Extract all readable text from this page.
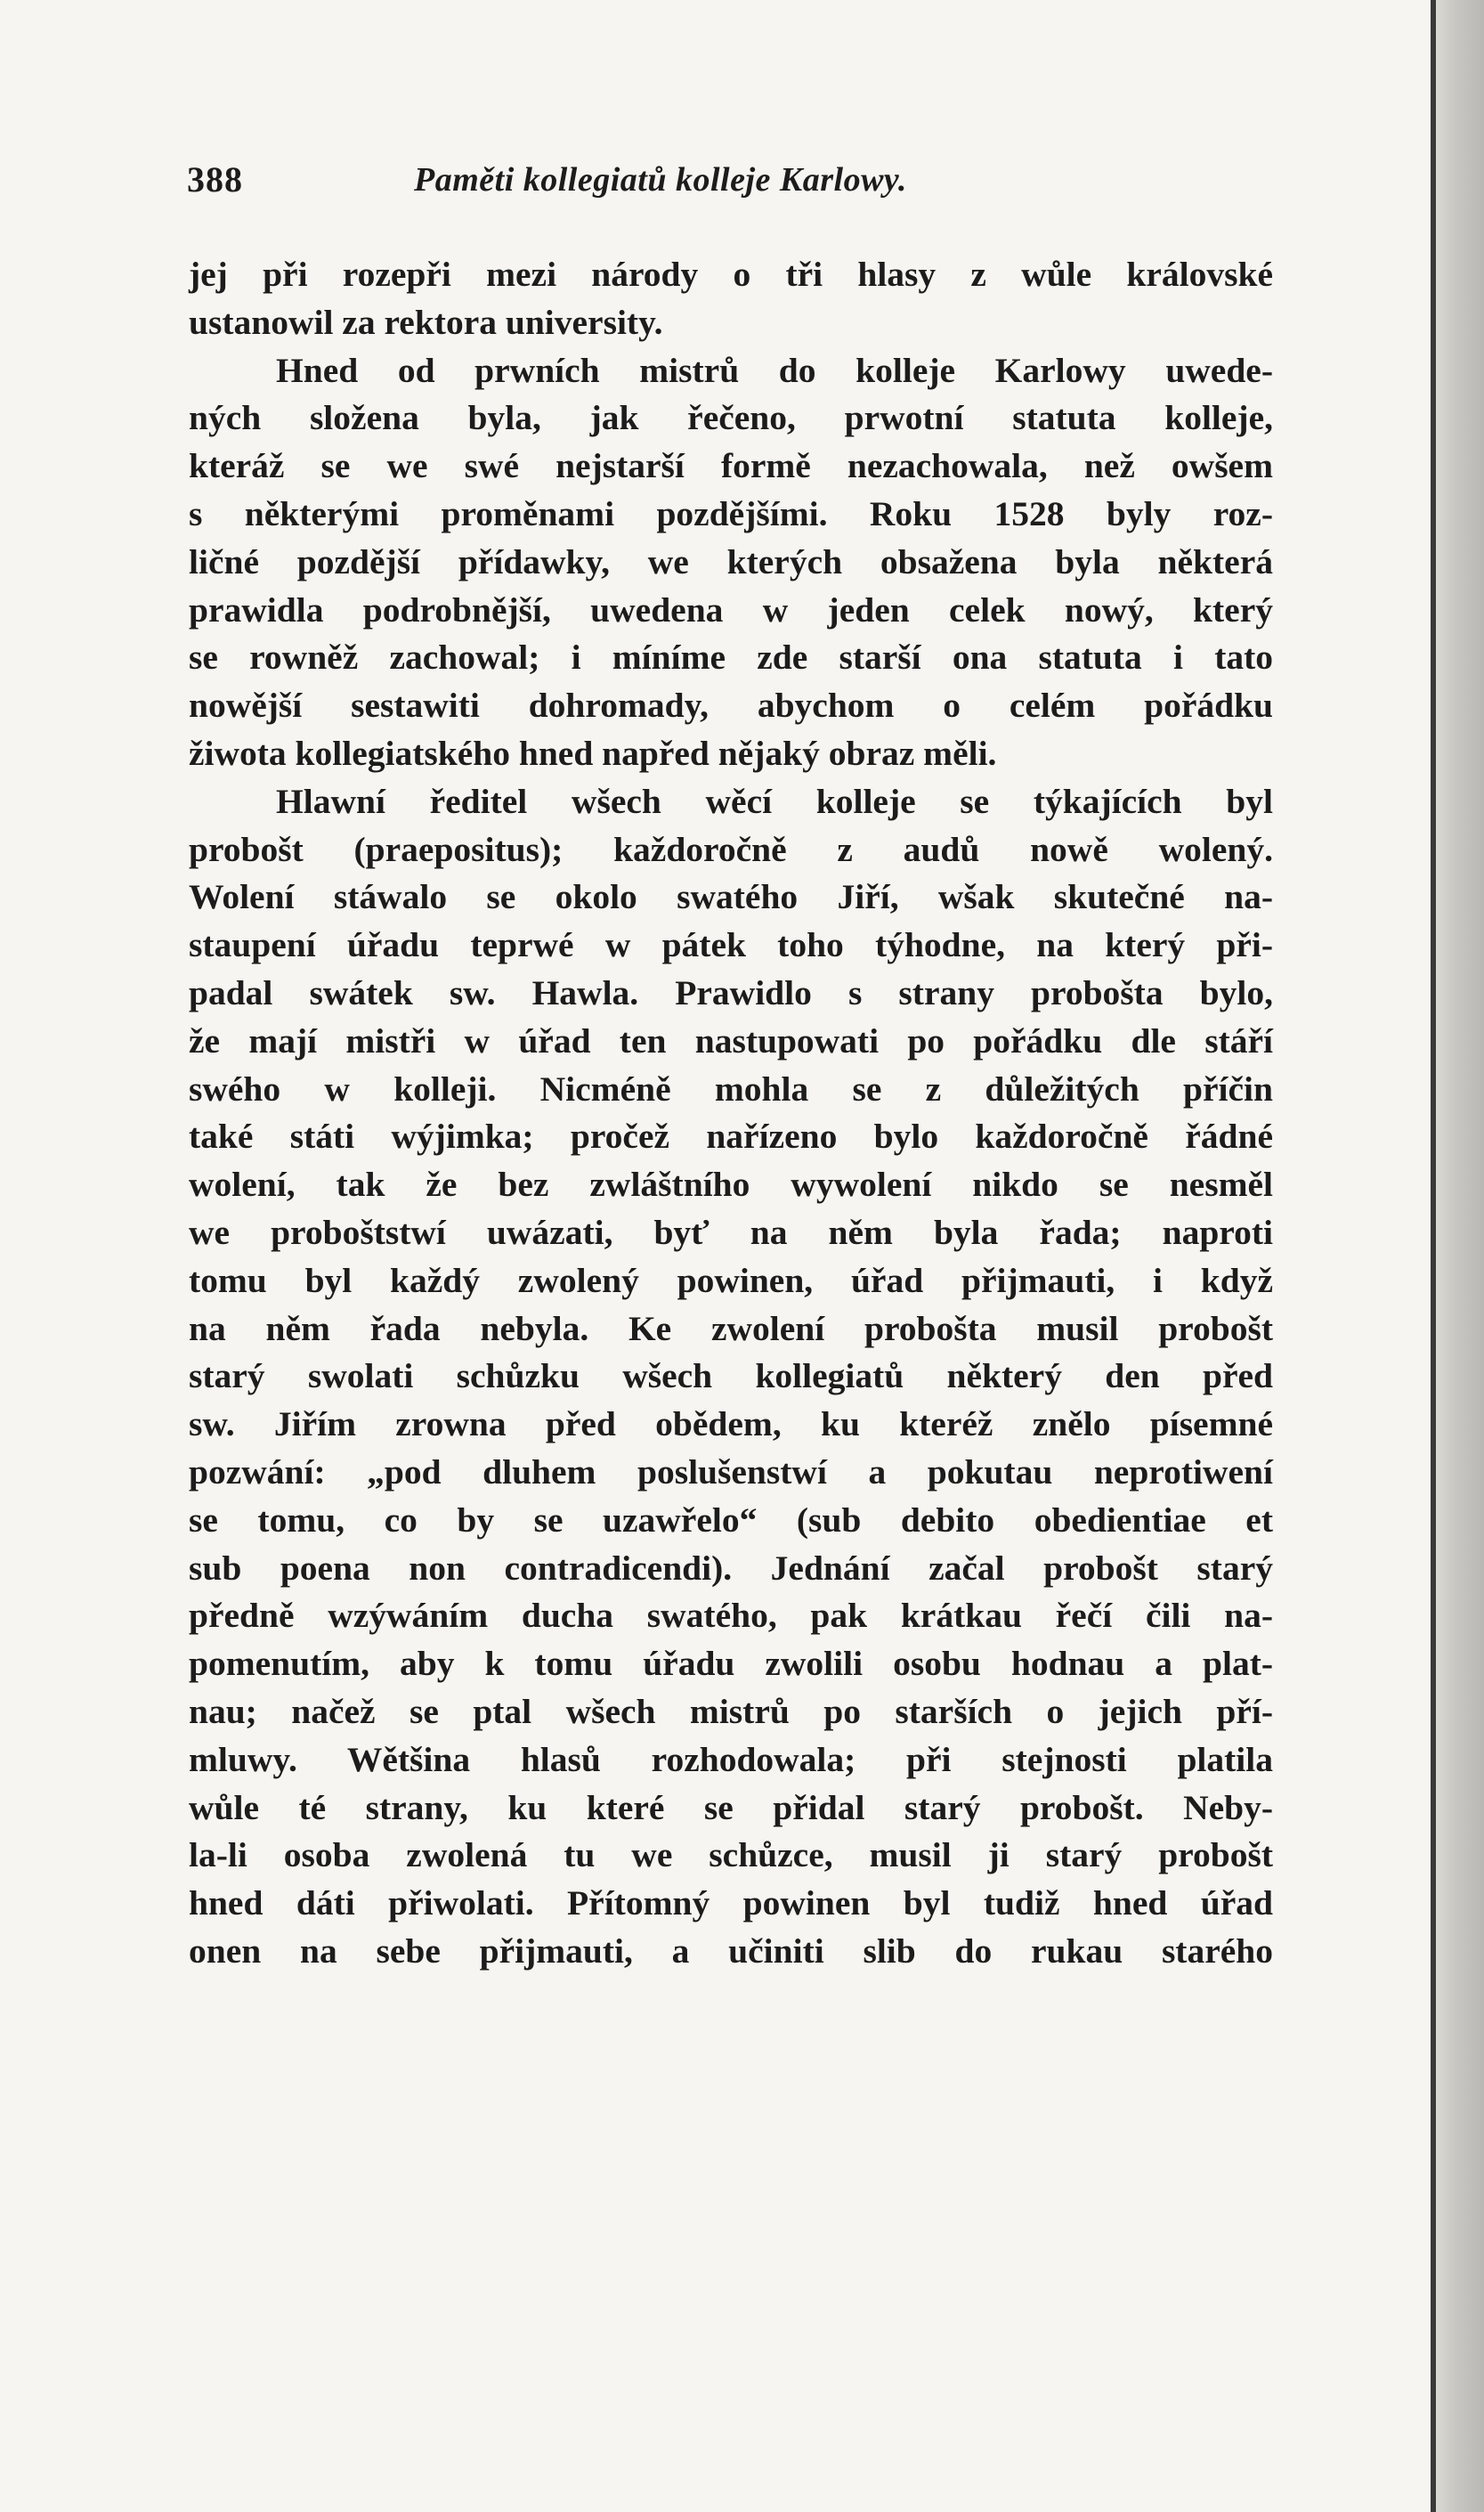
388	Paměti kollegiatů kolleje Karlowy.
jej při rozepři mezi národy o tři hlasy z wůle královské
ustanowil za rektora university.
Hned od prwních mistrů do kolleje Karlowy uwede-
ných složena byla, jak řečeno, prwotní statuta kolleje,
kteráž se we swé nejstarší formě nezachowala, než owšem
s některými proměnami pozdějšími. Roku 1528 byly roz-
ličné pozdější přídawky, we kterých obsažena byla některá
prawidla podrobnější, uwedena w jeden celek nowý, který
se rowněž zachowal; i míníme zde starší ona statuta i tato
nowější sestawiti dohromady, abychom o celém pořádku
žiwota kollegiatského hned napřed nějaký obraz měli.
Hlawní ředitel wšech wěcí kolleje se týkajících byl
probošt (praepositus); každoročně z audů nowě wolený.
Wolení stáwalo se okolo swatého Jiří, wšak skutečné na-
staupení úřadu teprwé w pátek toho týhodne, na který při-
padal swátek sw. Hawla. Prawidlo s strany probošta bylo,
že mají mistři w úřad ten nastupowati po pořádku dle stáří
swého w kolleji. Nicméně mohla se z důležitých příčin
také státi wýjimka; pročež nařízeno bylo každoročně řádné
wolení, tak že bez zwláštního wywolení nikdo se nesměl
we proboštstwí uwázati, byť na něm byla řada; naproti
tomu byl každý zwolený powinen, úřad přijmauti, i když
na něm řada nebyla. Ke zwolení probošta musil probošt
starý swolati schůzku wšech kollegiatů některý den před
sw. Jiřím zrowna před obědem, ku kteréž znělo písemné
pozwání: „pod dluhem poslušenstwí a pokutau neprotiwení
se tomu, co by se uzawřelo“ (sub debito obedientiae et
sub poena non contradicendi). Jednání začal probošt starý
předně wzýwáním ducha swatého, pak krátkau řečí čili na-
pomenutím, aby k tomu úřadu zwolili osobu hodnau a plat-
nau; načež se ptal wšech mistrů po starších o jejich pří-
mluwy. Wětšina hlasů rozhodowala; při stejnosti platila
wůle té strany, ku které se přidal starý probošt. Neby-
la-li osoba zwolená tu we schůzce, musil ji starý probošt
hned dáti přiwolati. Přítomný powinen byl tudiž hned úřad
onen na sebe přijmauti, a učiniti slib do rukau starého
